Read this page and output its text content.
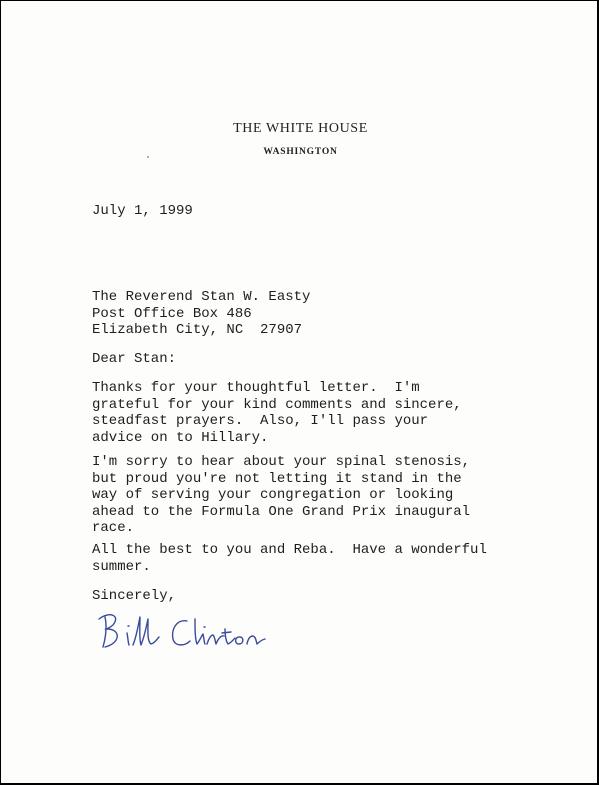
THE WHITE HOUSE
WASHINGTON

July 1, 1999

The Reverend Stan W. Easty
Post Office Box 486
Elizabeth City, NC  27907

Dear Stan:

Thanks for your thoughtful letter.  I'm
grateful for your kind comments and sincere,
steadfast prayers.  Also, I'll pass your
advice on to Hillary.

I'm sorry to hear about your spinal stenosis,
but proud you're not letting it stand in the
way of serving your congregation or looking
ahead to the Formula One Grand Prix inaugural
race.

All the best to you and Reba.  Have a wonderful
summer.

Sincerely,
